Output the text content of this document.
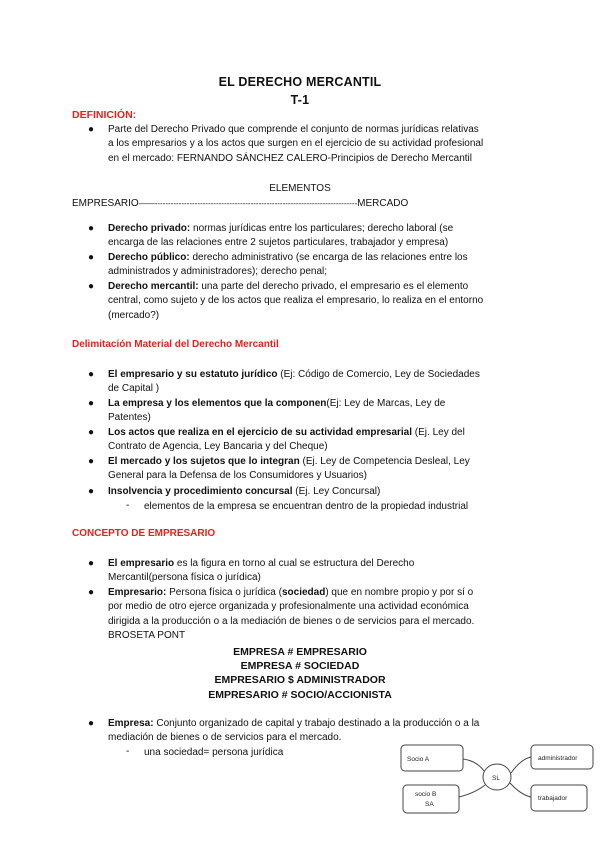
EL DERECHO MERCANTIL
T-1
DEFINICIÓN:
●	Parte del Derecho Privado que comprende el conjunto de normas jurídicas relativas
a los empresarios y a los actos que surgen en el ejercicio de su actividad profesional
en el mercado: FERNANDO SÁNCHEZ CALERO-Principios de Derecho Mercantil
ELEMENTOS
EMPRESARIO——----------------------------------------------------------------------------MERCADO
●	Derecho privado: normas jurídicas entre los particulares; derecho laboral (se
encarga de las relaciones entre 2 sujetos particulares, trabajador y empresa)
●	Derecho público: derecho administrativo (se encarga de las relaciones entre los
administrados y administradores); derecho penal;
●	Derecho mercantil: una parte del derecho privado, el empresario es el elemento
central, como sujeto y de los actos que realiza el empresario, lo realiza en el entorno
(mercado?)
Delimitación Material del Derecho Mercantil
●	El empresario y su estatuto jurídico (Ej: Código de Comercio, Ley de Sociedades
de Capital )
●	La empresa y los elementos que la componen(Ej: Ley de Marcas, Ley de
Patentes)
●	Los actos que realiza en el ejercicio de su actividad empresarial (Ej. Ley del
Contrato de Agencia, Ley Bancaria y del Cheque)
●	El mercado y los sujetos que lo integran (Ej. Ley de Competencia Desleal, Ley
General para la Defensa de los Consumidores y Usuarios)
●	Insolvencia y procedimiento concursal (Ej. Ley Concursal)
- elementos de la empresa se encuentran dentro de la propiedad industrial
CONCEPTO DE EMPRESARIO
●	El empresario es la figura en torno al cual se estructura del Derecho
Mercantil(persona física o jurídica)
●	Empresario: Persona física o jurídica (sociedad) que en nombre propio y por sí o
por medio de otro ejerce organizada y profesionalmente una actividad económica
dirigida a la producción o a la mediación de bienes o de servicios para el mercado.
BROSETA PONT
EMPRESA # EMPRESARIO
EMPRESA # SOCIEDAD
EMPRESARIO $ ADMINISTRADOR
EMPRESARIO # SOCIO/ACCIONISTA
●	Empresa: Conjunto organizado de capital y trabajo destinado a la producción o a la
mediación de bienes o de servicios para el mercado.
- una sociedad= persona jurídica
Socio A
socio B
SA
SL
administrador
trabajador
